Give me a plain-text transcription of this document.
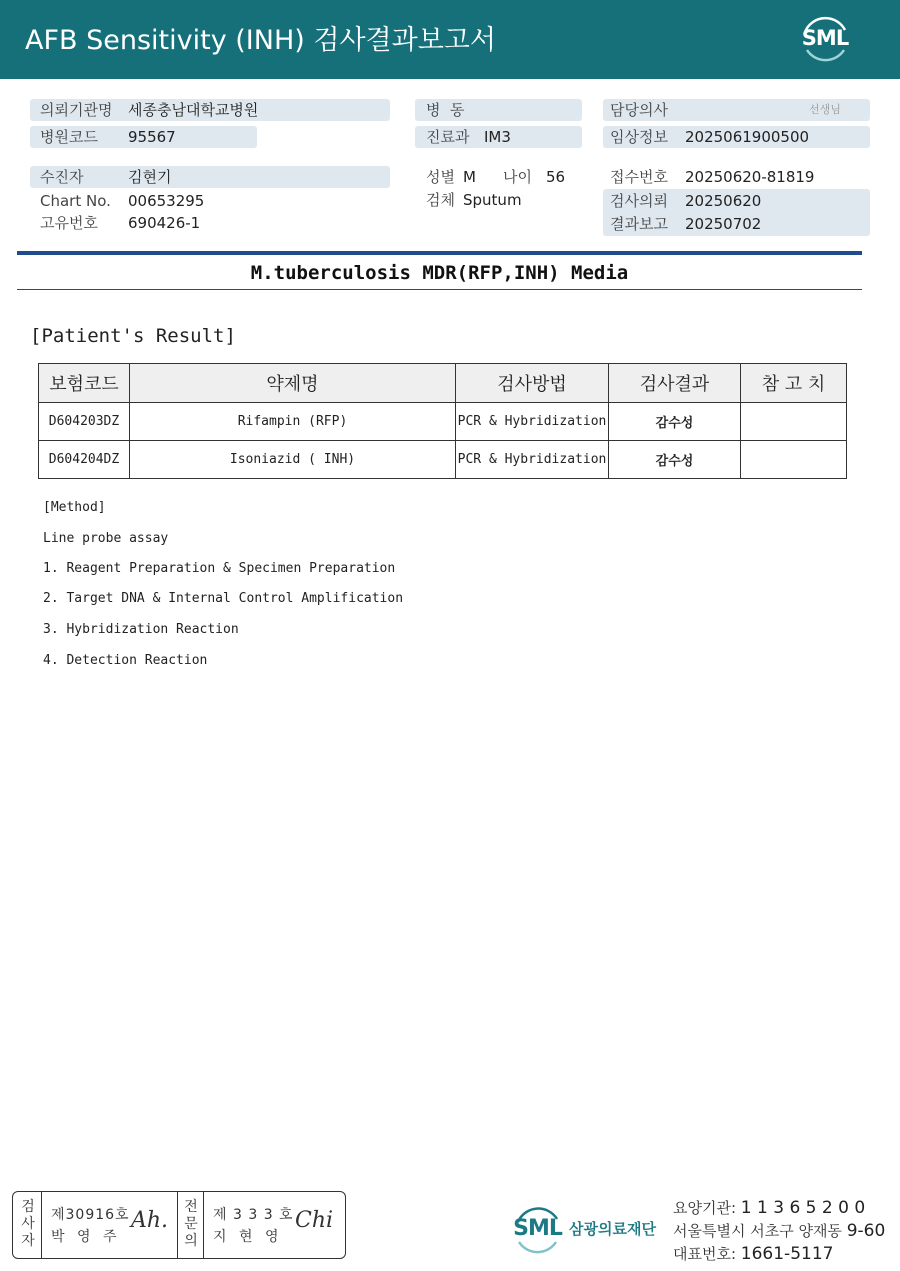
AFB Sensitivity (INH) 검사결과보고서	SML
의뢰기관명 세종충남대학교병원
병원코드 95567
수진자	김현기
Chart No. 00653295
고유번호 690426-1
병  동
진료과 IM3
성별 M 나이 56
검체 Sputum
담당의사	선생님
임상정보 2025061900500
접수번호 20250620-81819
검사의뢰 20250620
결과보고 20250702
M.tuberculosis MDR(RFP,INH) Media
[Patient's Result]
보험코드	약제명	검사방법	검사결과	참 고 치
D604203DZ	Rifampin (RFP)	PCR & Hybridization	감수성	
D604204DZ	Isoniazid ( INH)	PCR & Hybridization	감수성	
[Method]
Line probe assay
1. Reagent Preparation & Specimen Preparation
2. Target DNA & Internal Control Amplification
3. Hybridization Reaction
4. Detection Reaction
검
사
자
제30916호
박 영 주
Ah.
전
문
의
제 3 3 3 호
지 현 영
Chi	SML 삼광의료재단
요양기관: 1 1 3 6 5 2 0 0
서울특별시 서초구 양재동 9-60
대표번호: 1661-5117
